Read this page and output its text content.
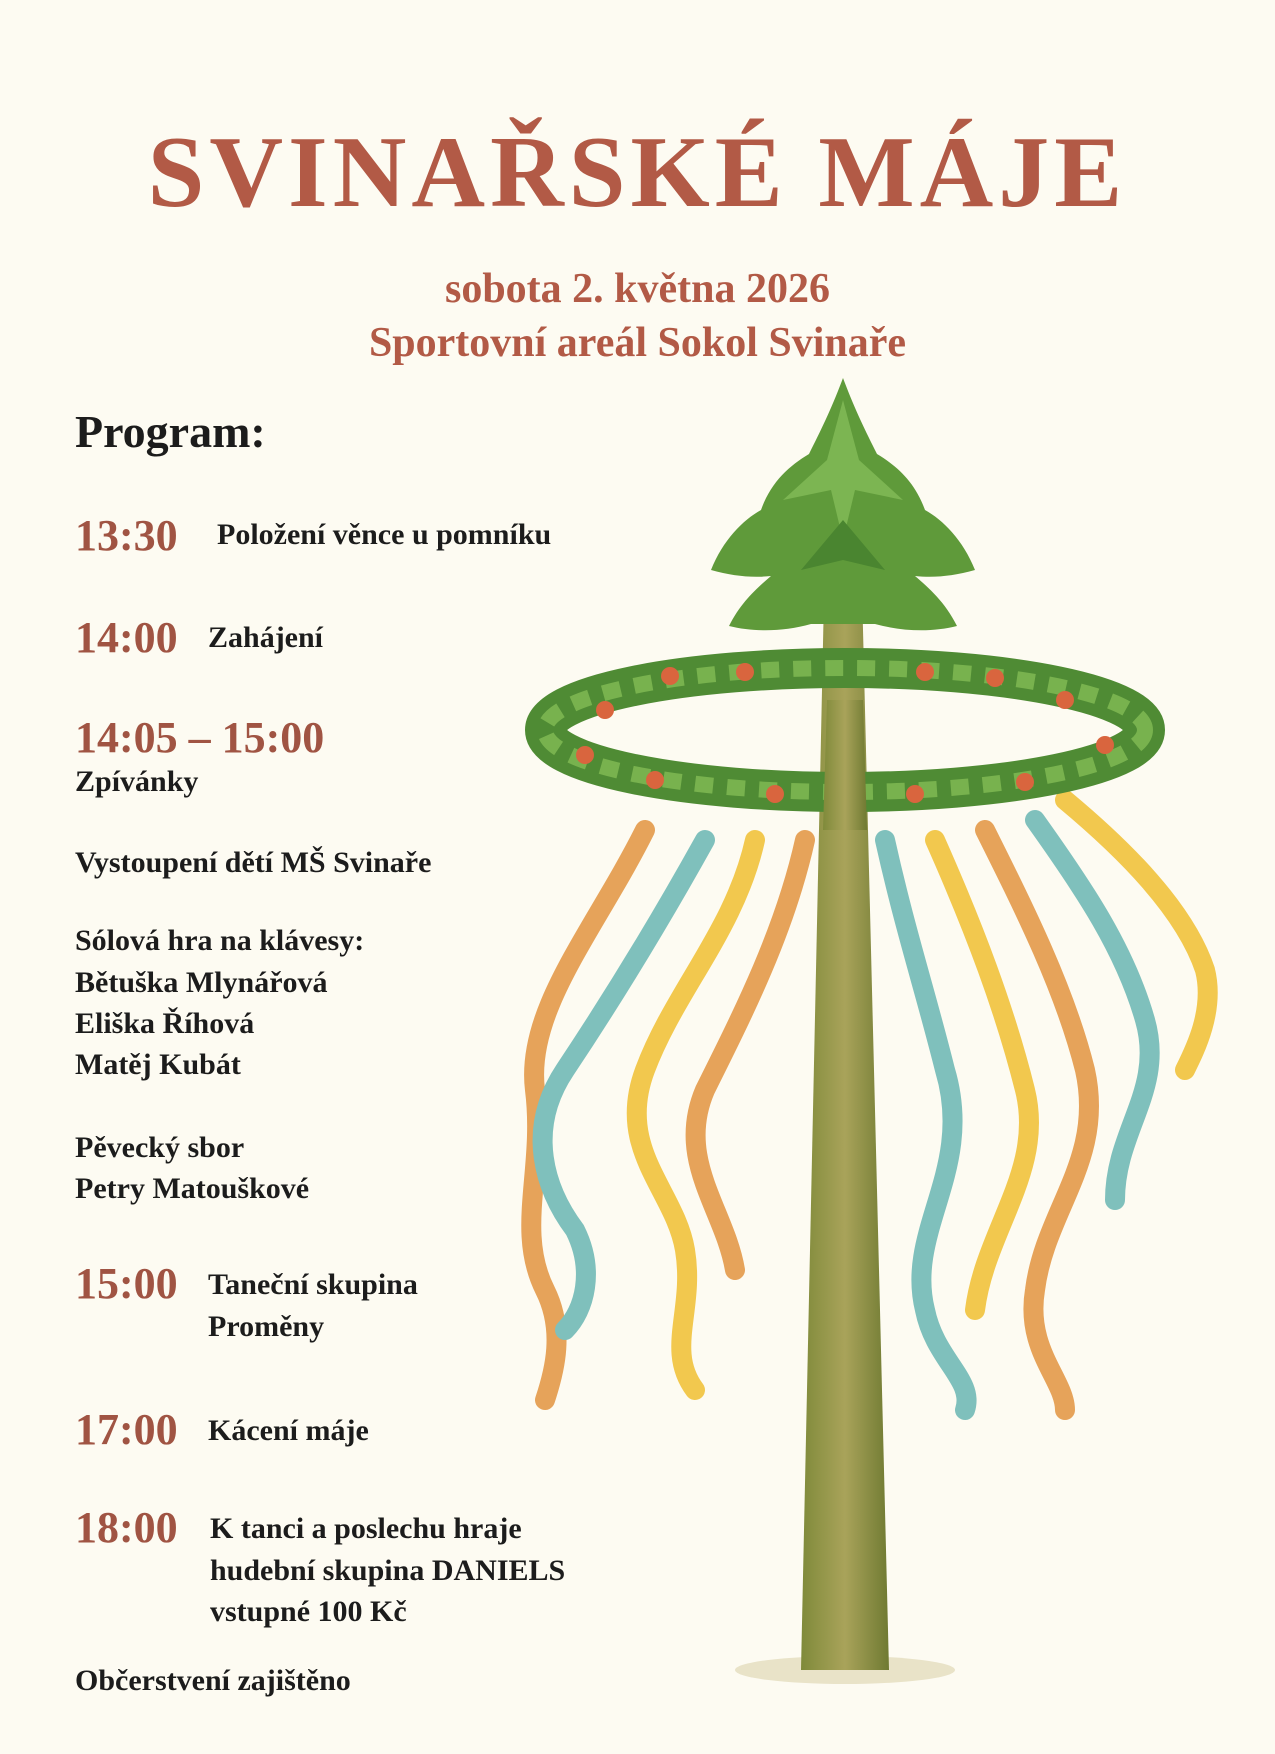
SVINAŘSKÉ MÁJE
sobota 2. května 2026
Sportovní areál Sokol Svinaře
Program:
13:30 Položení věnce u pomníku
14:00 Zahájení
14:05 – 15:00
Zpívánky
Vystoupení dětí MŠ Svinaře
Sólová hra na klávesy:
Bětuška Mlynářová
Eliška Říhová
Matěj Kubát
Pěvecký sbor
Petry Matouškové
15:00 Taneční skupina
Proměny
17:00 Kácení máje
18:00 K tanci a poslechu hraje
hudební skupina DANIELS
vstupné 100 Kč
Občerstvení zajištěno
